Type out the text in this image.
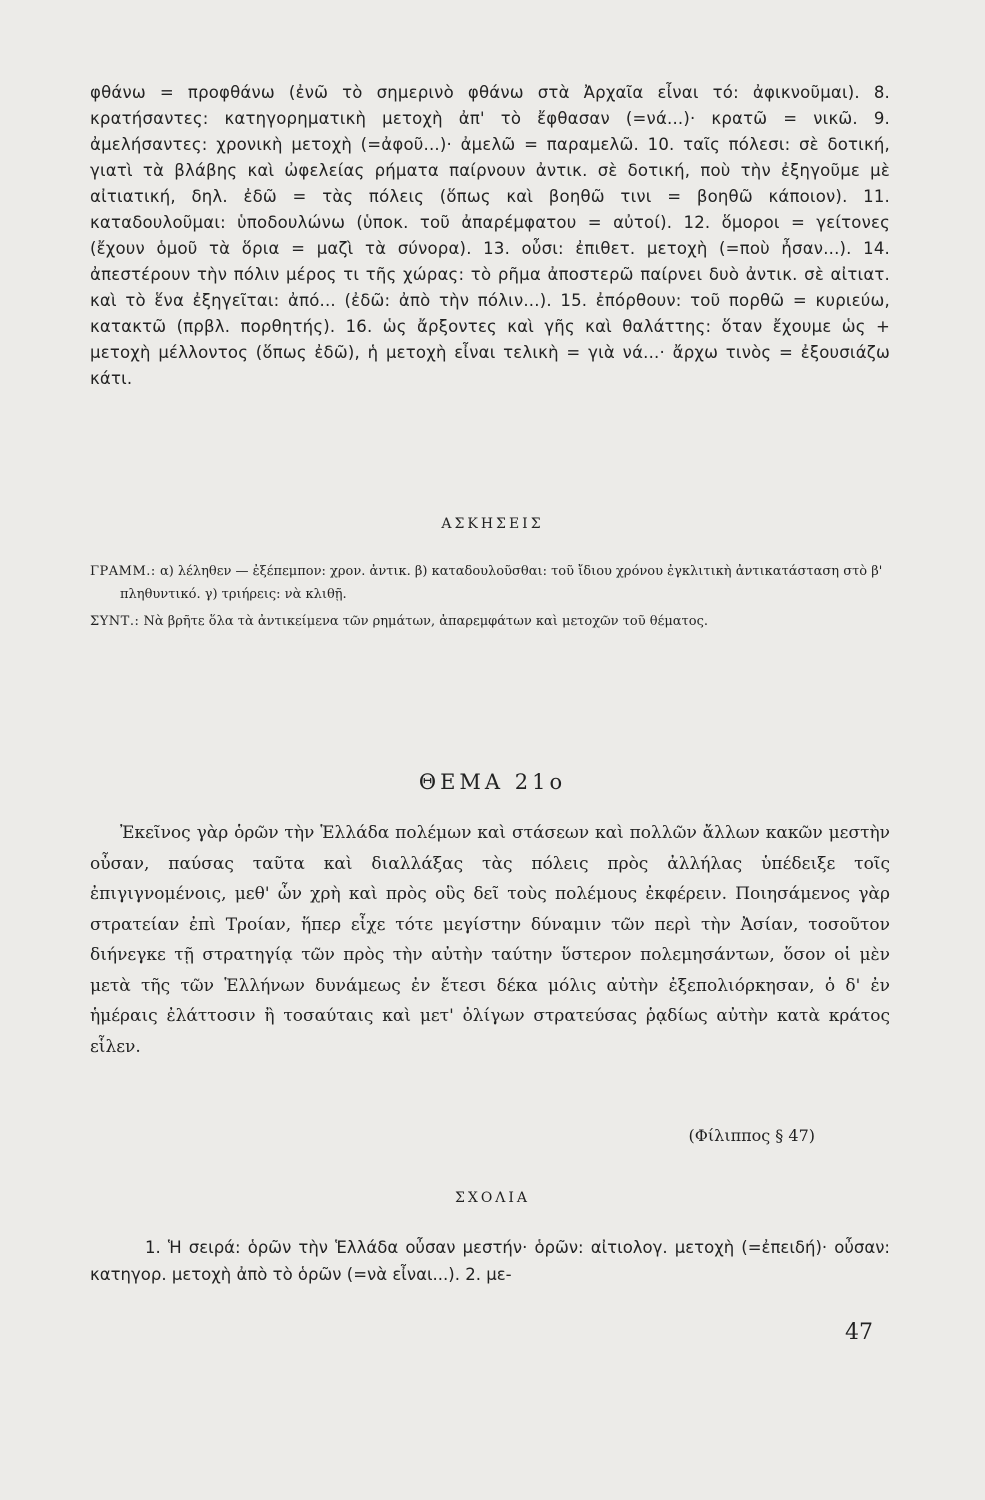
φθάνω = προφθάνω (ἐνῶ τὸ σημερινὸ φθάνω στὰ Ἀρχαῖα εἶναι τό: ἀφικνοῦμαι). 8. κρατήσαντες: κατηγορηματικὴ μετοχὴ ἀπ' τὸ ἔφθασαν (=νά...)· κρατῶ = νικῶ. 9. ἀμελήσαντες: χρονικὴ μετοχὴ (=ἀφοῦ...)· ἀμελῶ = παραμελῶ. 10. ταῖς πόλεσι: σὲ δοτική, γιατὶ τὰ βλάβης καὶ ὠφελείας ρήματα παίρνουν ἀντικ. σὲ δοτική, ποὺ τὴν ἐξηγοῦμε μὲ αἰτιατική, δηλ. ἐδῶ = τὰς πόλεις (ὅπως καὶ βοηθῶ τινι = βοηθῶ κάποιον). 11. καταδουλοῦμαι: ὑποδουλώνω (ὑποκ. τοῦ ἀπαρέμφατου = αὐτοί). 12. ὅμοροι = γείτονες (ἔχουν ὁμοῦ τὰ ὅρια = μαζὶ τὰ σύνορα). 13. οὖσι: ἐπιθετ. μετοχὴ (=ποὺ ἦσαν...). 14. ἀπεστέρουν τὴν πόλιν μέρος τι τῆς χώρας: τὸ ρῆμα ἀποστερῶ παίρνει δυὸ ἀντικ. σὲ αἰτιατ. καὶ τὸ ἕνα ἐξηγεῖται: ἀπό... (ἐδῶ: ἀπὸ τὴν πόλιν...). 15. ἐπόρθουν: τοῦ πορθῶ = κυριεύω, κατακτῶ (πρβλ. πορθητής). 16. ὡς ἄρξοντες καὶ γῆς καὶ θαλάττης: ὅταν ἔχουμε ὡς + μετοχὴ μέλλοντος (ὅπως ἐδῶ), ἡ μετοχὴ εἶναι τελικὴ = γιὰ νά...· ἄρχω τινὸς = ἐξουσιάζω κάτι.

ΑΣΚΗΣΕΙΣ

ΓΡΑΜΜ.: α) λέληθεν — ἐξέπεμπον: χρον. ἀντικ. β) καταδουλοῦσθαι: τοῦ ἴδιου χρόνου ἐγκλιτικὴ ἀντικατάσταση στὸ β' πληθυντικό. γ) τριήρεις: νὰ κλιθῇ.

ΣΥΝΤ.: Νὰ βρῆτε ὅλα τὰ ἀντικείμενα τῶν ρημάτων, ἀπαρεμφάτων καὶ μετοχῶν τοῦ θέματος.

ΘΕΜΑ 21ο

Ἐκεῖνος γὰρ ὁρῶν τὴν Ἑλλάδα πολέμων καὶ στάσεων καὶ πολλῶν ἄλλων κακῶν μεστὴν οὖσαν, παύσας ταῦτα καὶ διαλλάξας τὰς πόλεις πρὸς ἀλλήλας ὑπέδειξε τοῖς ἐπιγιγνομένοις, μεθ' ὧν χρὴ καὶ πρὸς οὓς δεῖ τοὺς πολέμους ἐκφέρειν. Ποιησάμενος γὰρ στρατείαν ἐπὶ Τροίαν, ἥπερ εἶχε τότε μεγίστην δύναμιν τῶν περὶ τὴν Ἀσίαν, τοσοῦτον διήνεγκε τῇ στρατηγίᾳ τῶν πρὸς τὴν αὐτὴν ταύτην ὕστερον πολεμησάντων, ὅσον οἱ μὲν μετὰ τῆς τῶν Ἑλλήνων δυνάμεως ἐν ἔτεσι δέκα μόλις αὐτὴν ἐξεπολιόρκησαν, ὁ δ' ἐν ἡμέραις ἐλάττοσιν ἢ τοσαύταις καὶ μετ' ὀλίγων στρατεύσας ῥᾳδίως αὐτὴν κατὰ κράτος εἷλεν.

(Φίλιππος § 47)
ΣΧΟΛΙΑ

1. Ἡ σειρά: ὁρῶν τὴν Ἑλλάδα οὖσαν μεστήν· ὁρῶν: αἰτιολογ. μετοχὴ (=ἐπειδή)· οὖσαν: κατηγορ. μετοχὴ ἀπὸ τὸ ὁρῶν (=νὰ εἶναι...). 2. με-

47
